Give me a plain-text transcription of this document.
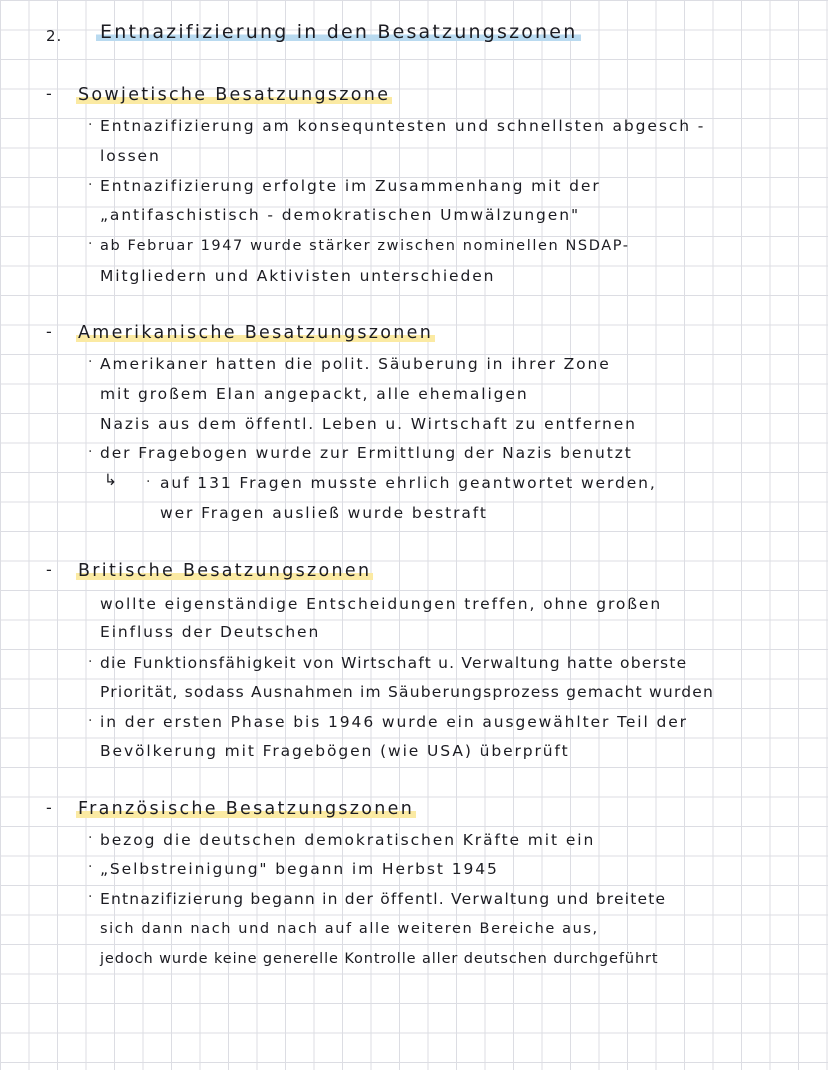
2. Entnazifizierung in den Besatzungszonen
- Sowjetische Besatzungszone
· Entnazifizierung am konsequntesten und schnellsten abgesch -
lossen
· Entnazifizierung erfolgte im Zusammenhang mit der
„antifaschistisch - demokratischen Umwälzungen"
· ab Februar 1947 wurde stärker zwischen nominellen NSDAP-
Mitgliedern und Aktivisten unterschieden
- Amerikanische Besatzungszonen
· Amerikaner hatten die polit. Säuberung in ihrer Zone
mit großem Elan angepackt, alle ehemaligen
Nazis aus dem öffentl. Leben u. Wirtschaft zu entfernen
· der Fragebogen wurde zur Ermittlung der Nazis benutzt
↳ · auf 131 Fragen musste ehrlich geantwortet werden,
wer Fragen ausließ wurde bestraft
- Britische Besatzungszonen
wollte eigenständige Entscheidungen treffen, ohne großen
Einfluss der Deutschen
· die Funktionsfähigkeit von Wirtschaft u. Verwaltung hatte oberste
Priorität, sodass Ausnahmen im Säuberungsprozess gemacht wurden
· in der ersten Phase bis 1946 wurde ein ausgewählter Teil der
Bevölkerung mit Fragebögen (wie USA) überprüft
- Französische Besatzungszonen
· bezog die deutschen demokratischen Kräfte mit ein
· „Selbstreinigung" begann im Herbst 1945
· Entnazifizierung begann in der öffentl. Verwaltung und breitete
sich dann nach und nach auf alle weiteren Bereiche aus,
jedoch wurde keine generelle Kontrolle aller deutschen durchgeführt
